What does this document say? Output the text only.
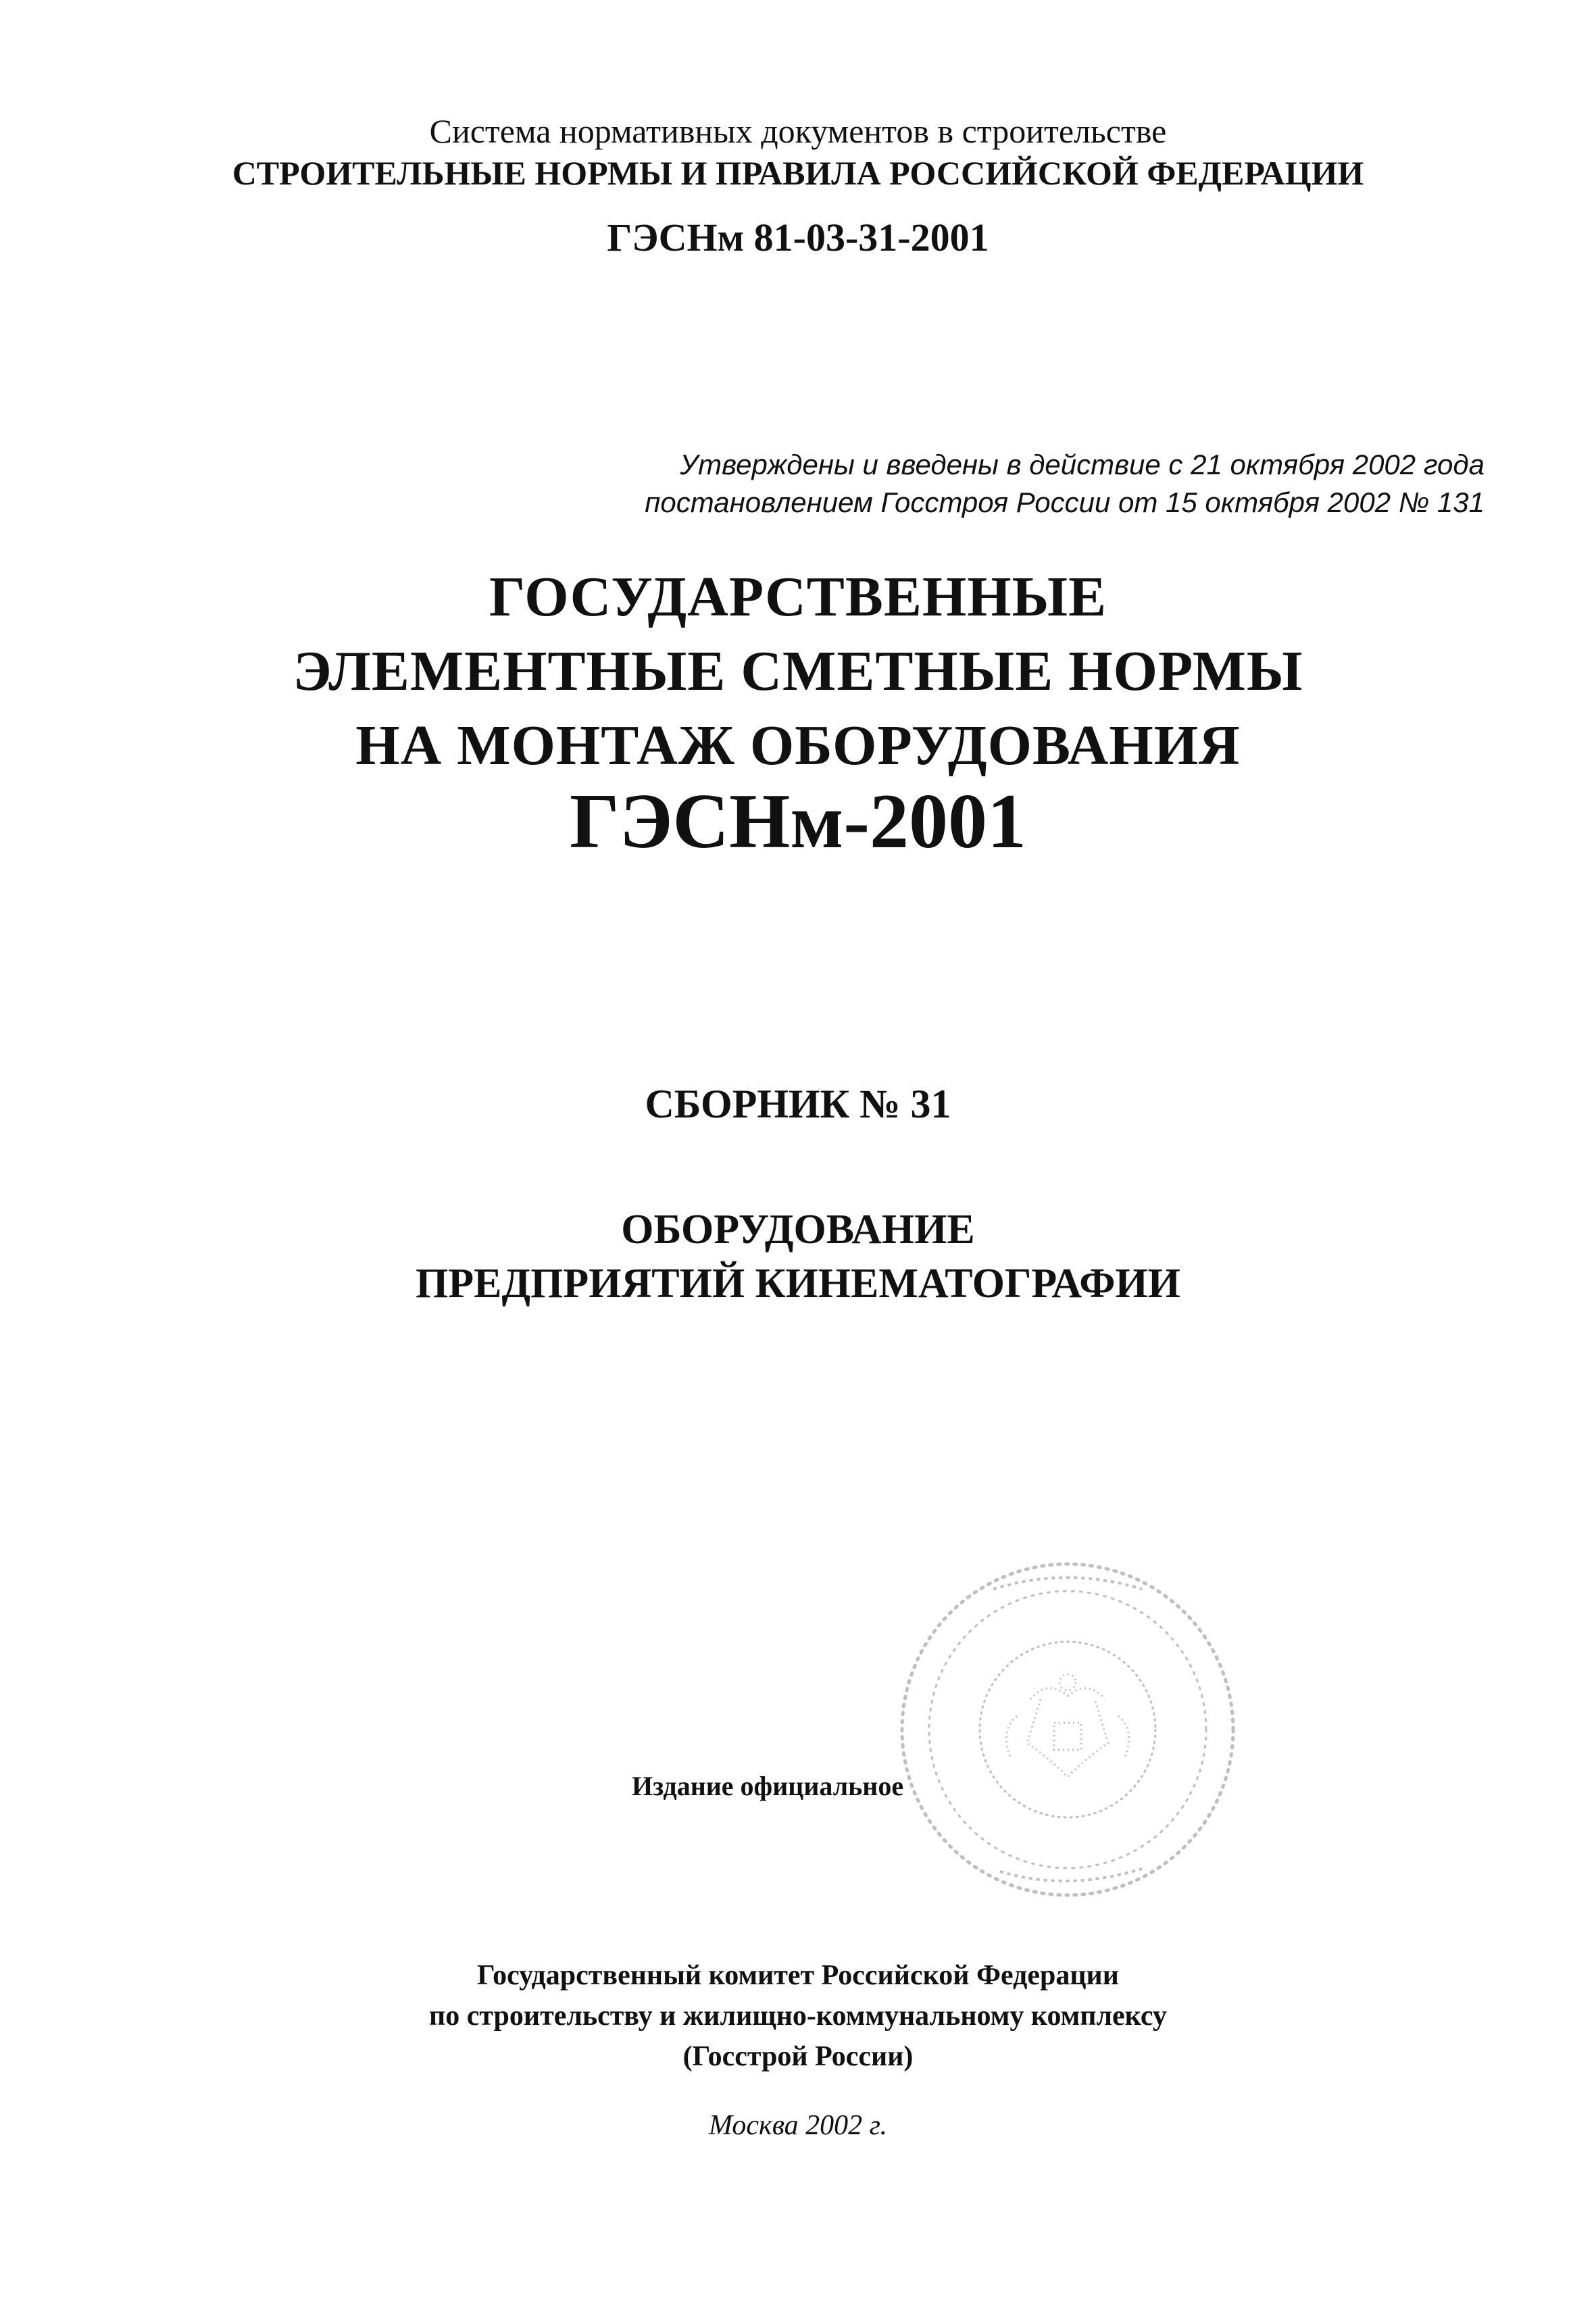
Система нормативных документов в строительстве
СТРОИТЕЛЬНЫЕ НОРМЫ И ПРАВИЛА РОССИЙСКОЙ ФЕДЕРАЦИИ
ГЭСНм 81-03-31-2001
Утверждены и введены в действие с 21 октября 2002 года
постановлением Госстроя России от 15 октября 2002 № 131
ГОСУДАРСТВЕННЫЕ
ЭЛЕМЕНТНЫЕ СМЕТНЫЕ НОРМЫ
НА МОНТАЖ ОБОРУДОВАНИЯ
ГЭСНм-2001
СБОРНИК № 31
ОБОРУДОВАНИЕ
ПРЕДПРИЯТИЙ КИНЕМАТОГРАФИИ
Издание официальное
Государственный комитет Российской Федерации
по строительству и жилищно-коммунальному комплексу
(Госстрой России)
Москва 2002 г.
